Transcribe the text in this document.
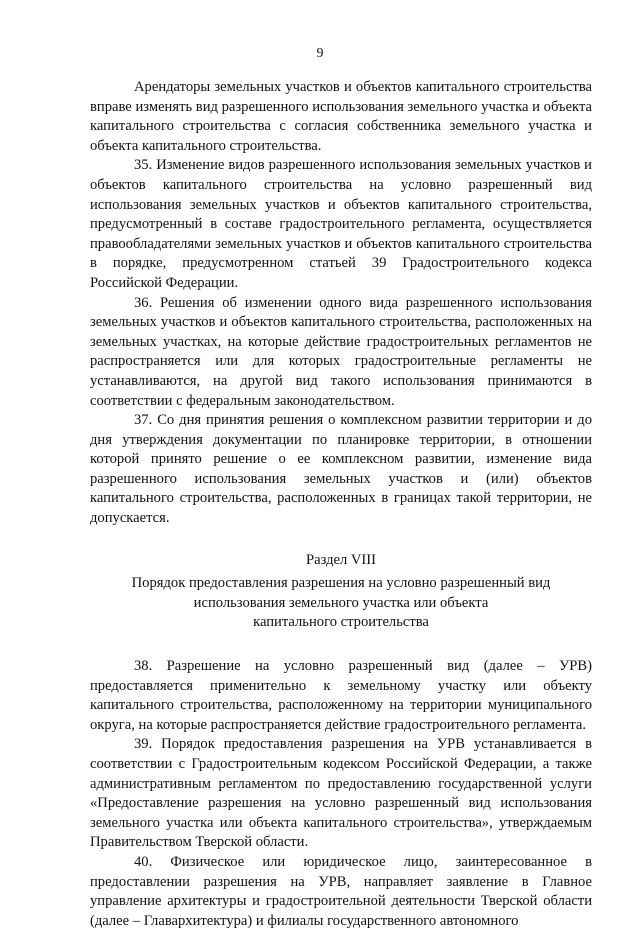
9

Арендаторы земельных участков и объектов капитального строительства вправе изменять вид разрешенного использования земельного участка и объекта капитального строительства с согласия собственника земельного участка и объекта капитального строительства.

35. Изменение видов разрешенного использования земельных участков и объектов капитального строительства на условно разрешенный вид использования земельных участков и объектов капитального строительства, предусмотренный в составе градостроительного регламента, осуществляется правообладателями земельных участков и объектов капитального строительства в порядке, предусмотренном статьей 39 Градостроительного кодекса Российской Федерации.

36. Решения об изменении одного вида разрешенного использования земельных участков и объектов капитального строительства, расположенных на земельных участках, на которые действие градостроительных регламентов не распространяется или для которых градостроительные регламенты не устанавливаются, на другой вид такого использования принимаются в соответствии с федеральным законодательством.

37. Со дня принятия решения о комплексном развитии территории и до дня утверждения документации по планировке территории, в отношении которой принято решение о ее комплексном развитии, изменение вида разрешенного использования земельных участков и (или) объектов капитального строительства, расположенных в границах такой территории, не допускается.

Раздел VIII
Порядок предоставления разрешения на условно разрешенный вид
использования земельного участка или объекта
капитального строительства

38. Разрешение на условно разрешенный вид (далее – УРВ) предоставляется применительно к земельному участку или объекту капитального строительства, расположенному на территории муниципального округа, на которые распространяется действие градостроительного регламента.

39. Порядок предоставления разрешения на УРВ устанавливается в соответствии с Градостроительным кодексом Российской Федерации, а также административным регламентом по предоставлению государственной услуги «Предоставление разрешения на условно разрешенный вид использования земельного участка или объекта капитального строительства», утверждаемым Правительством Тверской области.

40. Физическое или юридическое лицо, заинтересованное в предоставлении разрешения на УРВ, направляет заявление в Главное управление архитектуры и градостроительной деятельности Тверской области (далее – Главархитектура) и филиалы государственного автономного
